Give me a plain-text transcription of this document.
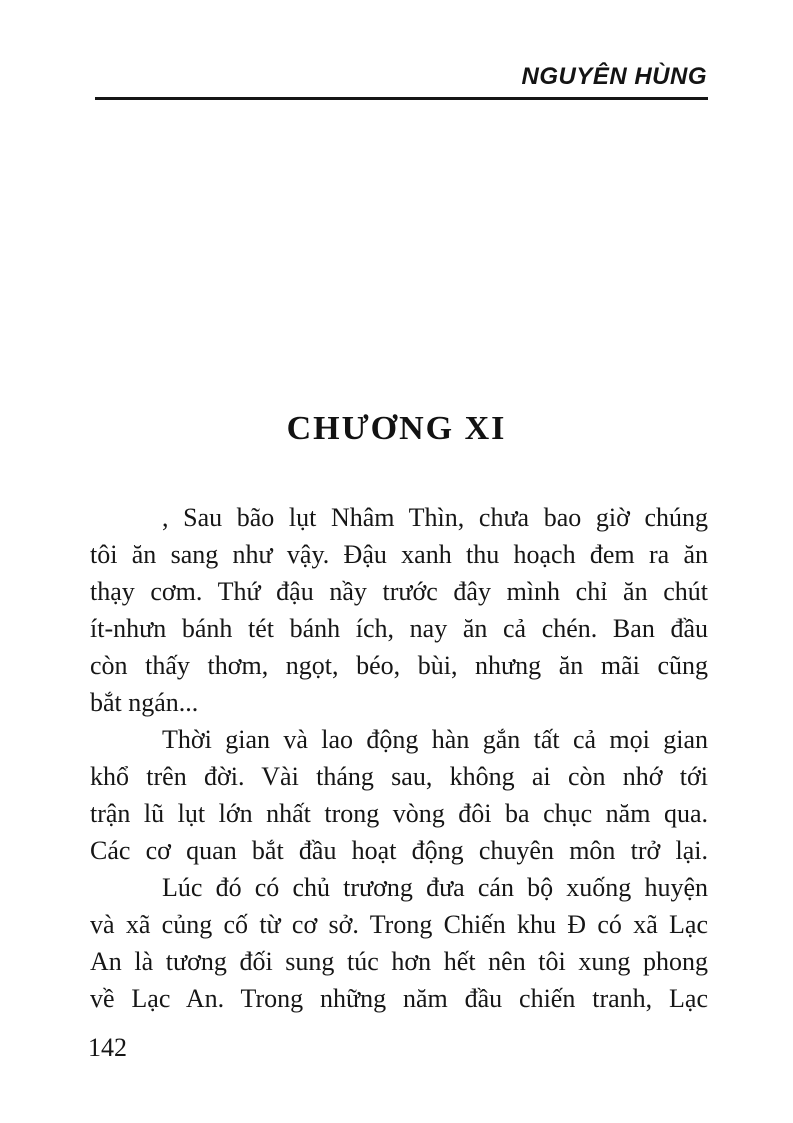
NGUYÊN HÙNG
CHƯƠNG XI
, Sau bão lụt Nhâm Thìn, chưa bao giờ chúng
tôi ăn sang như vậy. Đậu xanh thu hoạch đem ra ăn
thạy cơm. Thứ đậu nầy trước đây mình chỉ ăn chút
ít-nhưn bánh tét bánh ích, nay ăn cả chén. Ban đầu
còn thấy thơm, ngọt, béo, bùi, nhưng ăn mãi cũng
bắt ngán...
Thời gian và lao động hàn gắn tất cả mọi gian
khổ trên đời. Vài tháng sau, không ai còn nhớ tới
trận lũ lụt lớn nhất trong vòng đôi ba chục năm qua.
Các cơ quan bắt đầu hoạt động chuyên môn trở lại.
Lúc đó có chủ trương đưa cán bộ xuống huyện
và xã củng cố từ cơ sở. Trong Chiến khu Đ có xã Lạc
An là tương đối sung túc hơn hết nên tôi xung phong
về Lạc An. Trong những năm đầu chiến tranh, Lạc
142
